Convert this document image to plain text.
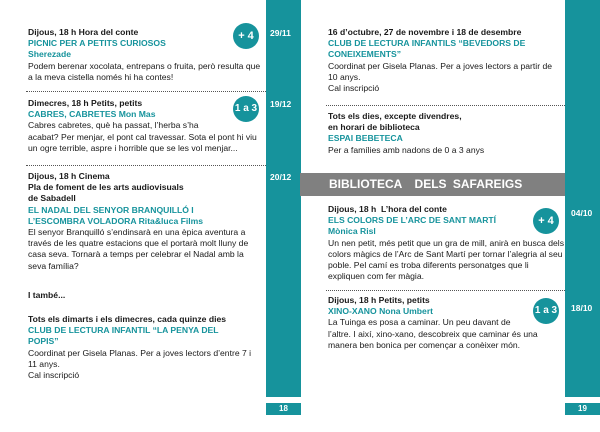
18	19
29/11
19/12
20/12
04/10
18/10
Dijous, 18 h Hora del conte
PICNIC PER A PETITS CURIOSOS
Sherezade
Podem berenar xocolata, entrepans o fruita, però resulta que a la meva cistella només hi ha contes!
+ 4
Dimecres, 18 h Petits, petits
CABRES, CABRETES Mon Mas
Cabres cabretes, què ha passat, l’herba s’ha acabat? Per menjar, el pont cal travessar. Sota el pont hi viu un ogre terrible, aspre i horrible que se les vol menjar...
1 a 3
Dijous, 18 h Cinema
Pla de foment de les arts audiovisuals
de Sabadell
EL NADAL DEL SENYOR BRANQUILLÓ I L’ESCOMBRA VOLADORA Rita&luca Films
El senyor Branquilló s’endinsarà en una èpica aventura a través de les quatre estacions que el portarà molt lluny de casa seva. Tornarà a temps per celebrar el Nadal amb la seva família?
I també...
Tots els dimarts i els dimecres, cada quinze dies
CLUB DE LECTURA INFANTIL “LA PENYA DEL POPIS”
Coordinat per Gisela Planas. Per a joves lectors d’entre 7 i 11 anys.
Cal inscripció
16 d’octubre, 27 de novembre i 18 de desembre
CLUB DE LECTURA INFANTILS “BEVEDORS DE CONEIXEMENTS”
Coordinat per Gisela Planas. Per a joves lectors a partir de 10 anys.
Cal inscripció
Tots els dies, excepte divendres,
en horari de biblioteca
ESPAI BEBETECA
Per a famílies amb nadons de 0 a 3 anys
BIBLIOTECA  DELS SAFAREIGS
Dijous, 18 h  L’hora del conte
ELS COLORS DE L’ARC DE SANT MARTÍ
Mònica Risl
Un nen petit, més petit que un gra de mill, anirà en busca dels colors màgics de l’Arc de Sant Martí per tornar l’alegria al seu poble. Pel camí es troba diferents personatges que li expliquen com fer màgia.
+ 4
Dijous, 18 h Petits, petits
XINO-XANO Nona Umbert
La Tuinga es posa a caminar. Un peu davant de l’altre. I així, xino-xano, descobreix que caminar és una manera ben bonica per començar a conèixer món.
1 a 3
